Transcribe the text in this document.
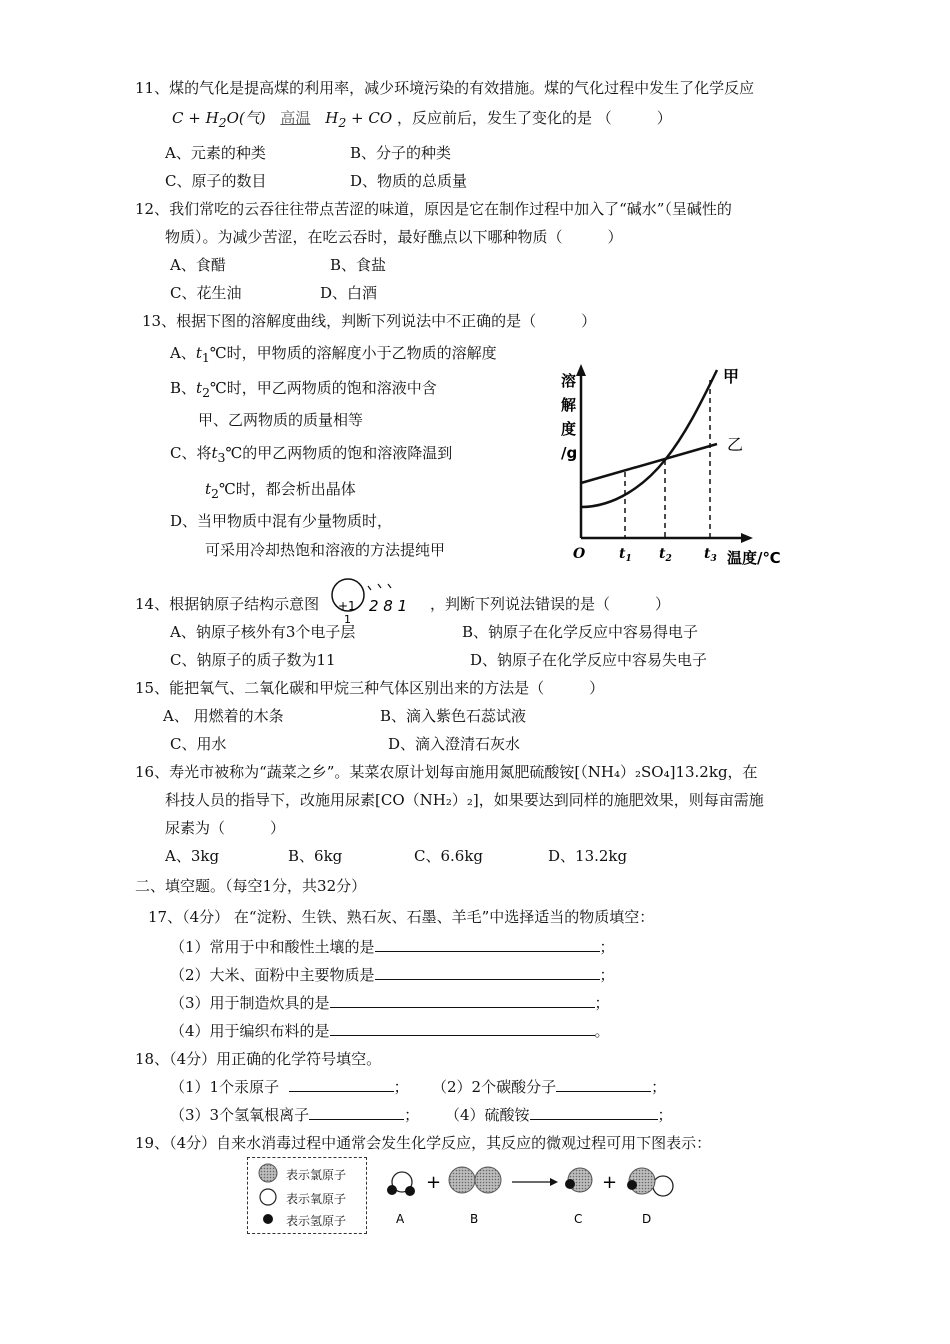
11、煤的气化是提高煤的利用率，减少环境污染的有效措施。煤的气化过程中发生了化学反应
$C + H_2O$(气) 高温 $H_2$ + CO ，反应前后，发生了变化的是 （　　　）
A、元素的种类	B、分子的种类
C、原子的数目	D、物质的总质量
12、我们常吃的云吞往往带点苦涩的味道，原因是它在制作过程中加入了“碱水”（呈碱性的
物质）。为减少苦涩，在吃云吞时，最好醮点以下哪种物质（　　　）
A、食醋	B、食盐
C、花生油	D、白酒
13、根据下图的溶解度曲线，判断下列说法中不正确的是（　　　）
A、$t_1℃$时，甲物质的溶解度小于乙物质的溶解度
B、$t_2℃$时，甲乙两物质的饱和溶液中含
甲、乙两物质的质量相等
C、将$t_3℃$的甲乙两物质的饱和溶液降温到
$t_2℃$时，都会析出晶体
D、当甲物质中混有少量物质时，
可采用冷却热饱和溶液的方法提纯甲
溶
解
度
/g
甲
乙
O $t_1$ $t_2$ $t_3$ 温度/℃
14、根据钠原子结构示意图 +1
1
2 8 1 ，判断下列说法错误的是（　　　）
A、钠原子核外有3个电子层	B、钠原子在化学反应中容易得电子
C、钠原子的质子数为11	D、钠原子在化学反应中容易失电子
15、能把氧气、二氧化碳和甲烷三种气体区别出来的方法是（　　　）
A、 用燃着的木条	B、滴入紫色石蕊试液
C、用水	D、滴入澄清石灰水
16、寿光市被称为“蔬菜之乡”。某菜农原计划每亩施用氮肥硫酸铵[（NH₄）₂SO₄]13.2kg，在
科技人员的指导下，改施用尿素[CO（NH₂）₂]，如果要达到同样的施肥效果，则每亩需施
尿素为（　　　）
A、3kg	B、6kg	C、6.6kg	D、13.2kg
二、填空题。（每空1分，共32分）
17、（4分） 在“淀粉、生铁、熟石灰、石墨、羊毛”中选择适当的物质填空：
（1）常用于中和酸性土壤的是	；
（2）大米、面粉中主要物质是	；
（3）用于制造炊具的是	；
（4）用于编织布料的是	。
18、（4分）用正确的化学符号填空。
（1）1个汞原子	； （2）2个碳酸分子	；
（3）3个氢氧根离子	； （4）硫酸铵	；
19、（4分）自来水消毒过程中通常会发生化学反应，其反应的微观过程可用下图表示：
表示氯原子
表示氧原子
表示氢原子
+	+
A	B	C	D
